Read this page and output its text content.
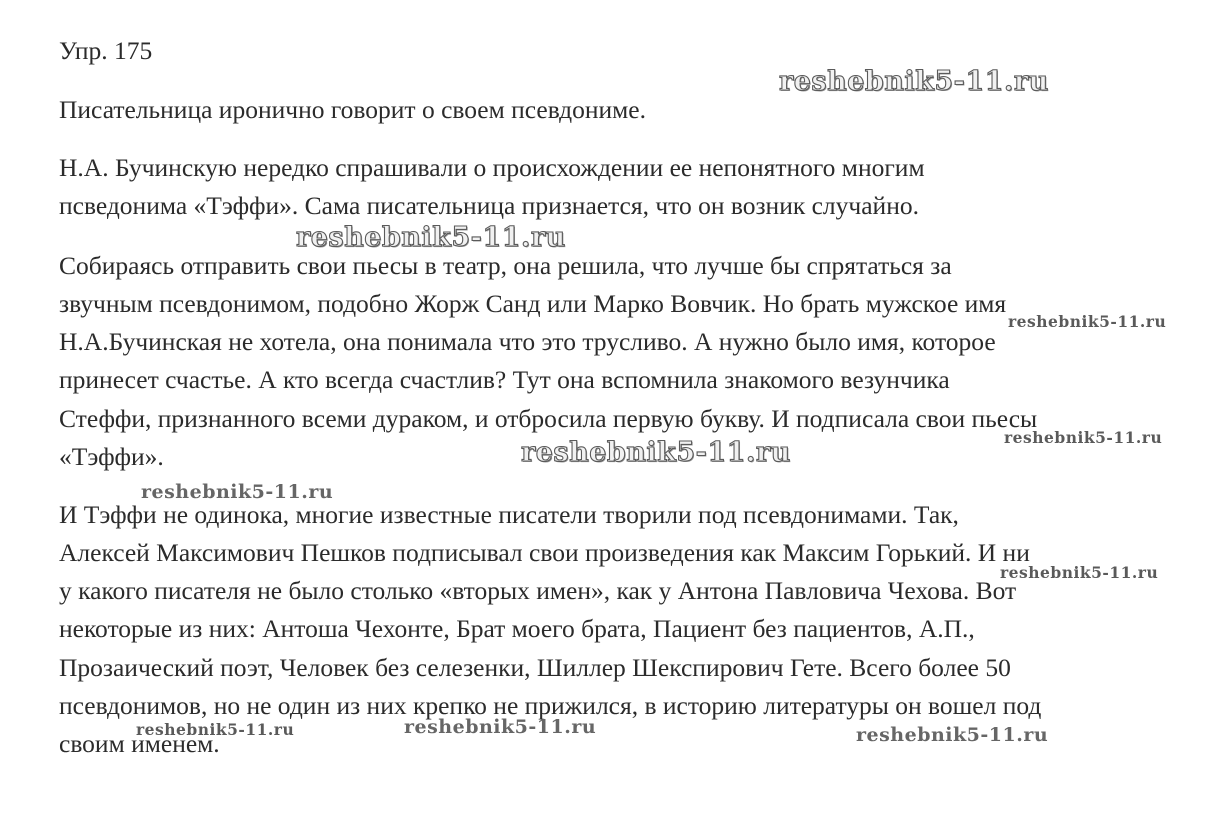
Упр. 175
Писательница иронично говорит о своем псевдониме.
Н.А. Бучинскую нередко спрашивали о происхождении ее непонятного многим
псведонима «Тэффи». Сама писательница признается, что он возник случайно.
Собираясь отправить свои пьесы в театр, она решила, что лучше бы спрятаться за
звучным псевдонимом, подобно Жорж Санд или Марко Вовчик. Но брать мужское имя
Н.А.Бучинская не хотела, она понимала что это трусливо. А нужно было имя, которое
принесет счастье. А кто всегда счастлив? Тут она вспомнила знакомого везунчика
Стеффи, признанного всеми дураком, и отбросила первую букву. И подписала свои пьесы
«Тэффи».
И Тэффи не одинока, многие известные писатели творили под псевдонимами. Так,
Алексей Максимович Пешков подписывал свои произведения как Максим Горький. И ни
у какого писателя не было столько «вторых имен», как у Антона Павловича Чехова. Вот
некоторые из них: Антоша Чехонте, Брат моего брата, Пациент без пациентов, А.П.,
Прозаический поэт, Человек без селезенки, Шиллер Шекспирович Гете. Всего более 50
псевдонимов, но не один из них крепко не прижился, в историю литературы он вошел под
своим именем.
reshebnik5-11.ru
reshebnik5-11.ru
reshebnik5-11.ru
reshebnik5-11.ru
reshebnik5-11.ru
reshebnik5-11.ru
reshebnik5-11.ru
reshebnik5-11.ru
reshebnik5-11.ru	reshebnik5-11.ru
